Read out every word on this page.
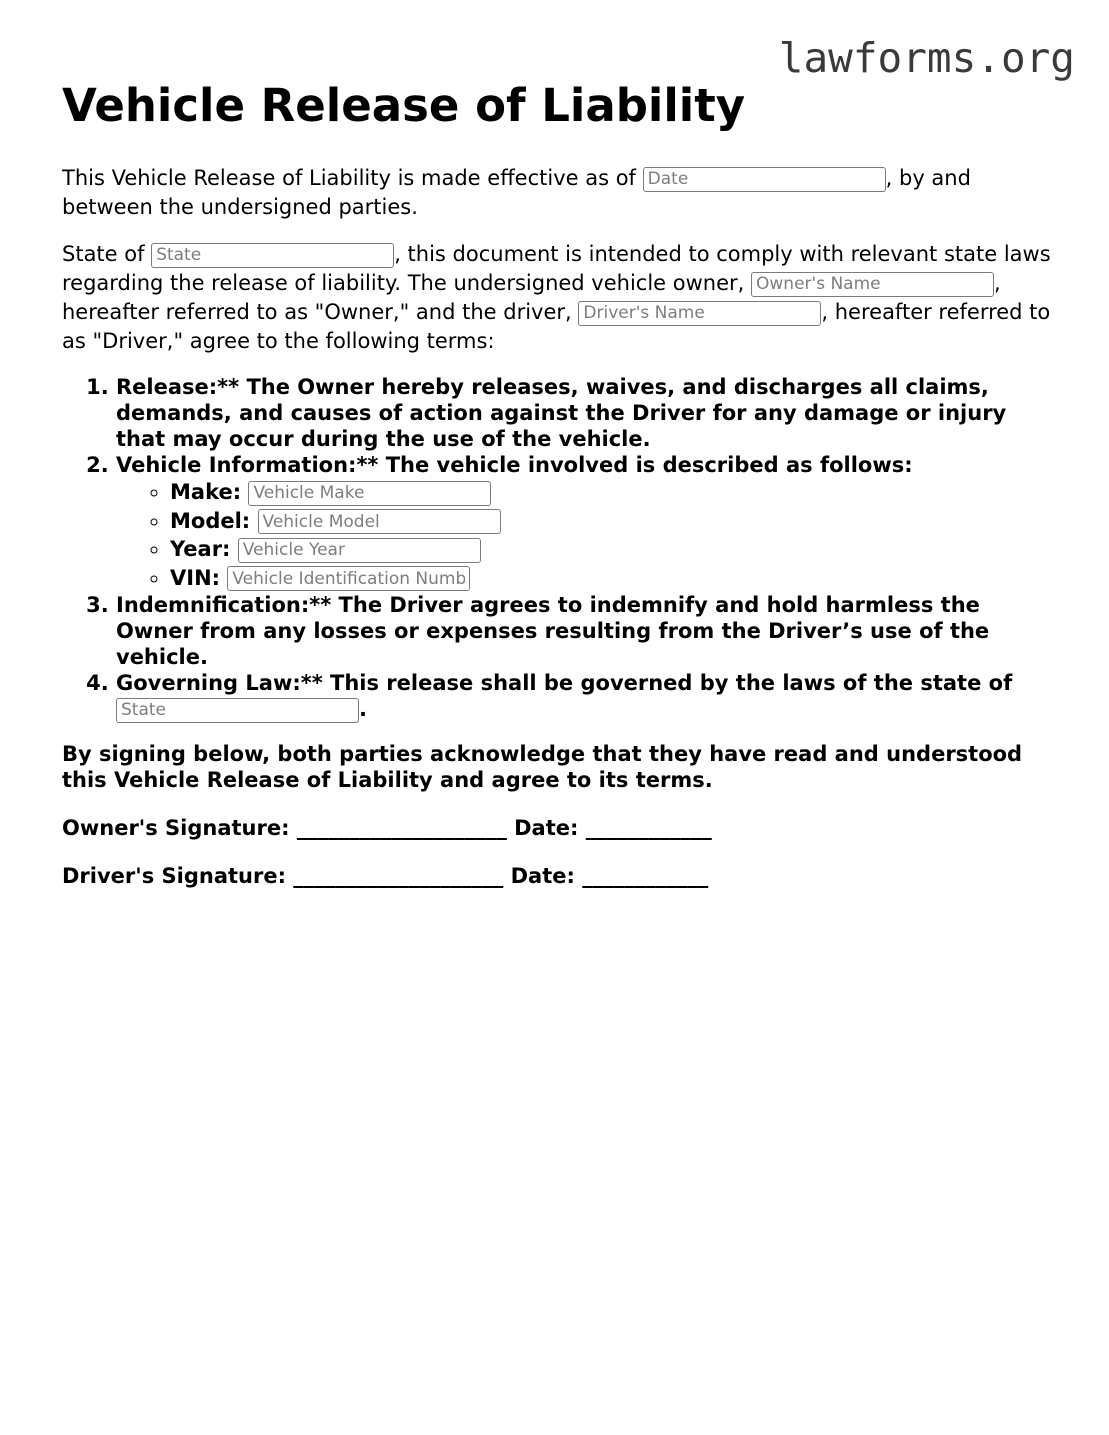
lawforms.org
Vehicle Release of Liability

This Vehicle Release of Liability is made effective as of Date	, by and between the undersigned parties.

State of State	, this document is intended to comply with relevant state laws regarding the release of liability. The undersigned vehicle owner, Owner's Name	, hereafter referred to as "Owner," and the driver, Driver's Name	, hereafter referred to as "Driver," agree to the following terms:

1. Release:** The Owner hereby releases, waives, and discharges all claims, demands, and causes of action against the Driver for any damage or injury that may occur during the use of the vehicle.
2. Vehicle Information:** The vehicle involved is described as follows:
◦ Make: Vehicle Make
◦ Model: Vehicle Model
◦ Year: Vehicle Year
◦ VIN: Vehicle Identification Number
3. Indemnification:** The Driver agrees to indemnify and hold harmless the Owner from any losses or expenses resulting from the Driver’s use of the vehicle.
4. Governing Law:** This release shall be governed by the laws of the state of State.

By signing below, both parties acknowledge that they have read and understood this Vehicle Release of Liability and agree to its terms.

Owner's Signature: ____________________ Date: ____________
Driver's Signature: ____________________ Date: ____________
